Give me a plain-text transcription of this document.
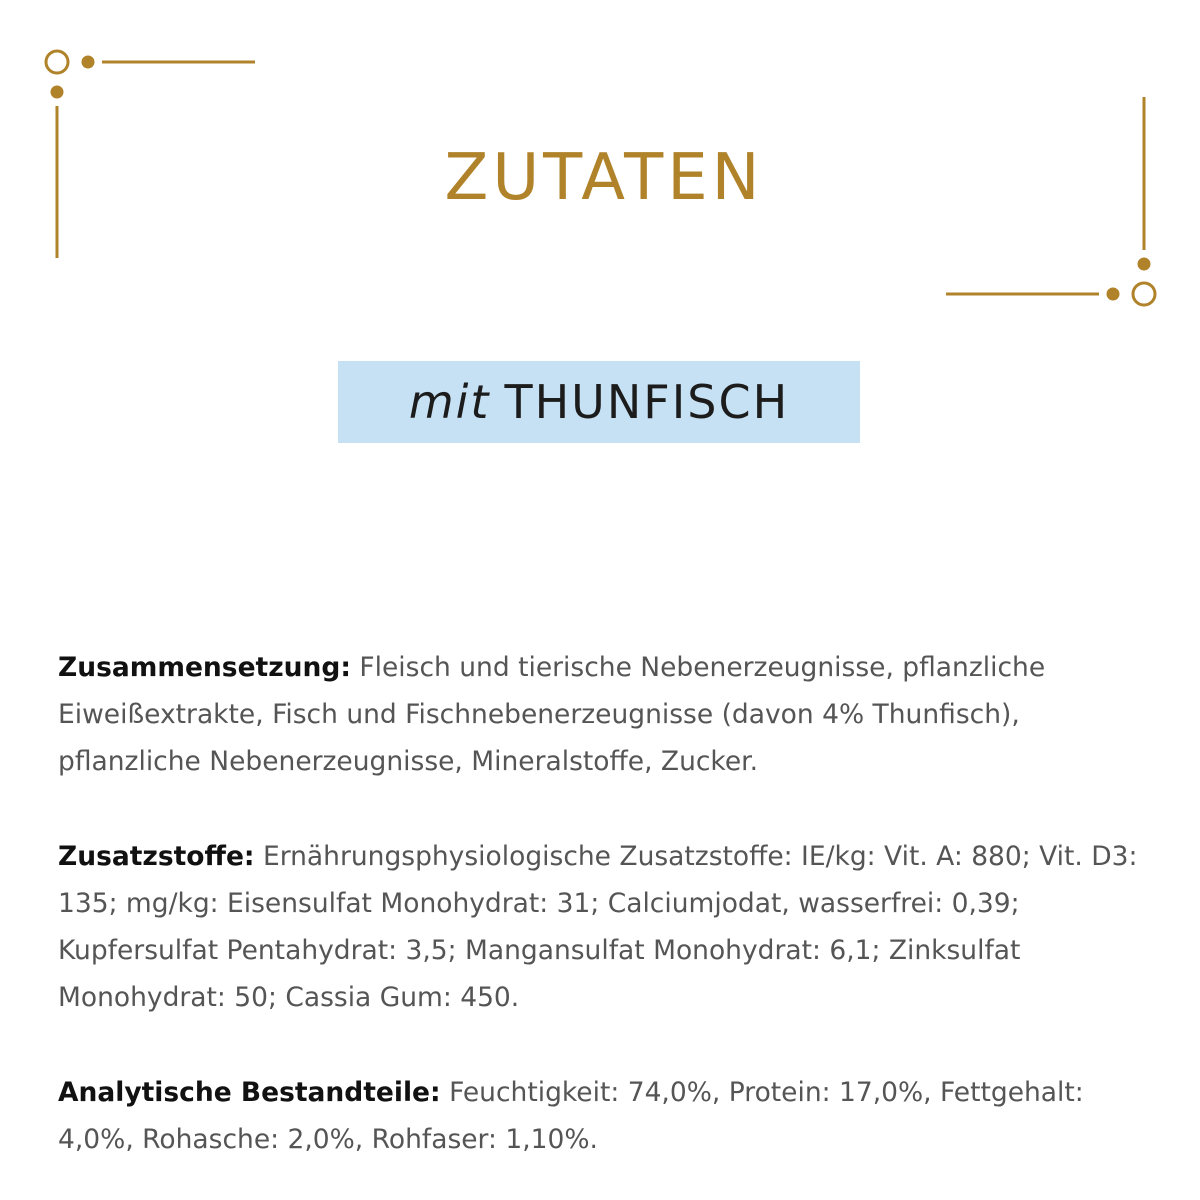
ZUTATEN
mit THUNFISCH

Zusammensetzung: Fleisch und tierische Nebenerzeugnisse, pflanzliche Eiweißextrakte, Fisch und Fischnebenerzeugnisse (davon 4% Thunfisch), pflanzliche Nebenerzeugnisse, Mineralstoffe, Zucker.

Zusatzstoffe: Ernährungsphysiologische Zusatzstoffe: IE/kg: Vit. A: 880; Vit. D3: 135; mg/kg: Eisensulfat Monohydrat: 31; Calciumjodat, wasserfrei: 0,39; Kupfersulfat Pentahydrat: 3,5; Mangansulfat Monohydrat: 6,1; Zinksulfat Monohydrat: 50; Cassia Gum: 450.

Analytische Bestandteile: Feuchtigkeit: 74,0%, Protein: 17,0%, Fettgehalt: 4,0%, Rohasche: 2,0%, Rohfaser: 1,10%.
